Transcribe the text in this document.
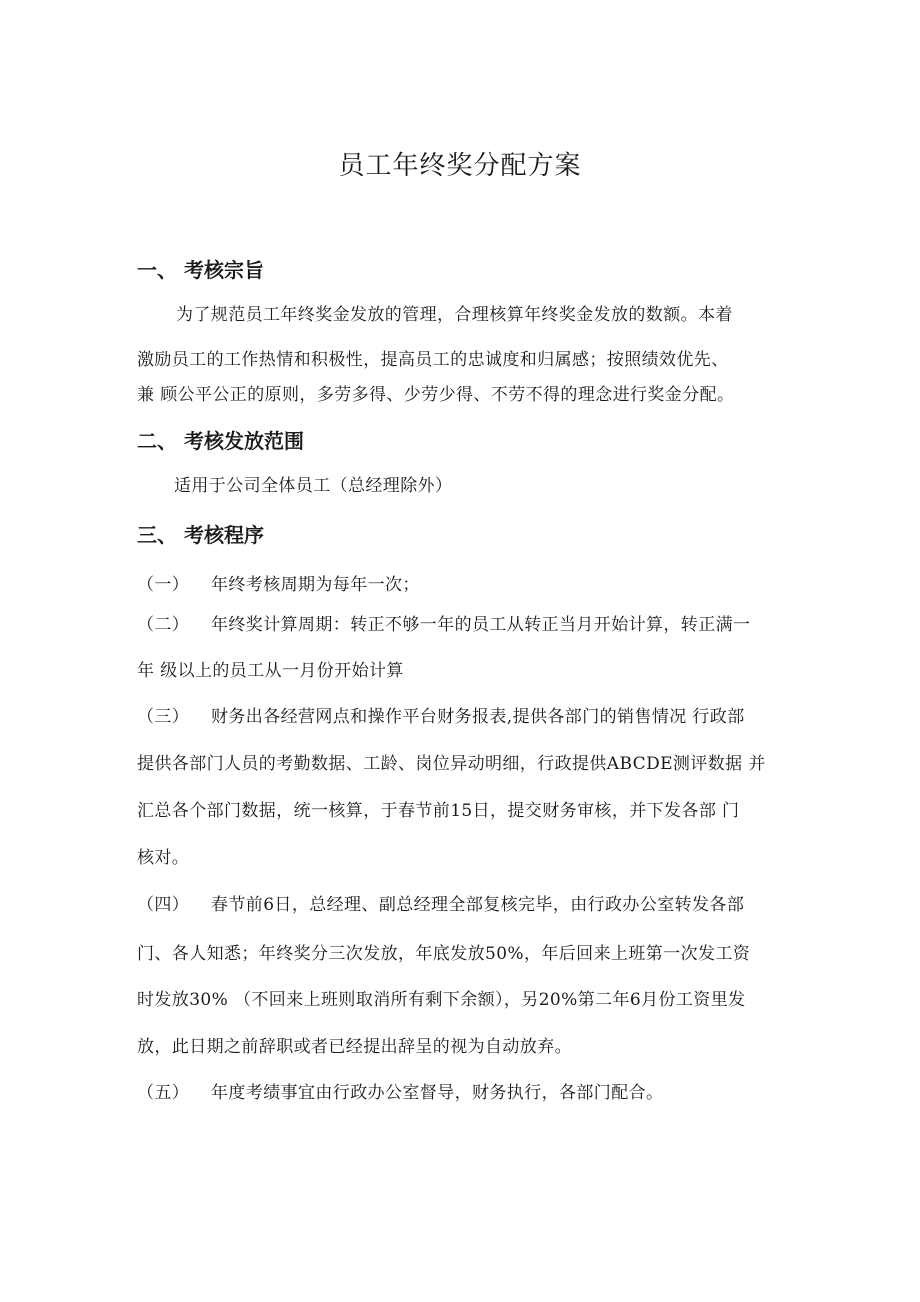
员工年终奖分配方案
一、 考核宗旨

为了规范员工年终奖金发放的管理，合理核算年终奖金发放的数额。本着

激励员工的工作热情和积极性，提高员工的忠诚度和归属感；按照绩效优先、

兼 顾公平公正的原则，多劳多得、少劳少得、不劳不得的理念进行奖金分配。

二、 考核发放范围

适用于公司全体员工（总经理除外）

三、 考核程序

（一） 年终考核周期为每年一次；

（二） 年终奖计算周期：转正不够一年的员工从转正当月开始计算，转正满一

年 级以上的员工从一月份开始计算

（三） 财务出各经营网点和操作平台财务报表,提供各部门的销售情况 行政部

提供各部门人员的考勤数据、工龄、岗位异动明细，行政提供ABCDE测评数据 并

汇总各个部门数据，统一核算，于春节前15日，提交财务审核，并下发各部 门

核对。

（四） 春节前6日，总经理、副总经理全部复核完毕，由行政办公室转发各部

门、各人知悉；年终奖分三次发放，年底发放50%，年后回来上班第一次发工资

时发放30% （不回来上班则取消所有剩下余额），另20%第二年6月份工资里发

放，此日期之前辞职或者已经提出辞呈的视为自动放弃。

（五） 年度考绩事宜由行政办公室督导，财务执行，各部门配合。
